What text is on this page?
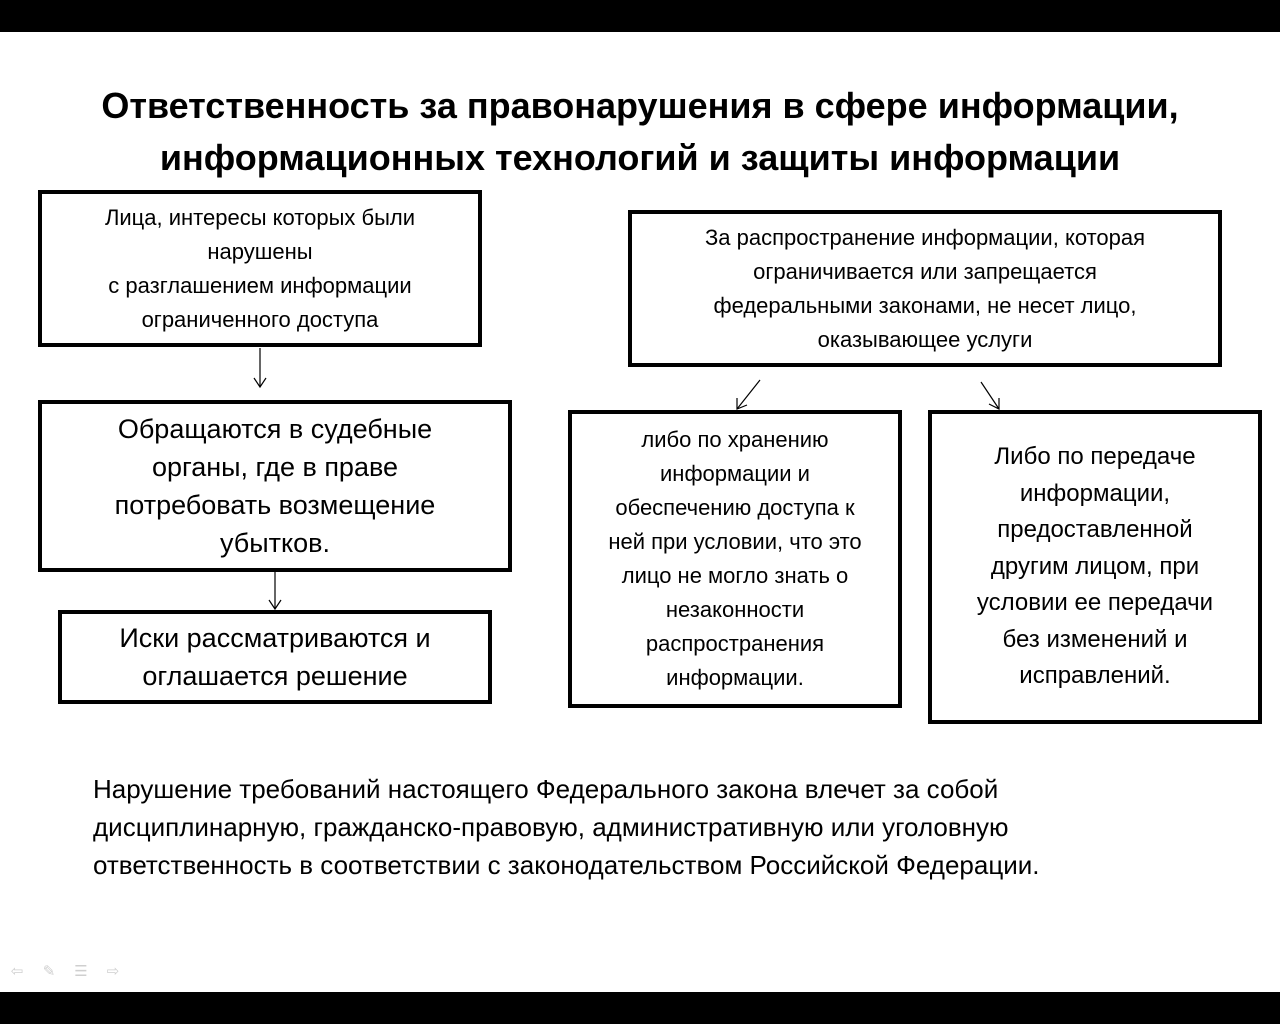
Ответственность за правонарушения в сфере информации,
информационных технологий и защиты информации
Лица, интересы которых были
нарушены
с разглашением информации
ограниченного доступа
Обращаются в судебные
органы, где в праве
потребовать возмещение
убытков.
Иски рассматриваются и
оглашается решение
За распространение информации, которая
ограничивается или запрещается
федеральными законами, не несет лицо,
оказывающее услуги
либо по хранению
информации и
обеспечению доступа к
ней при условии, что это
лицо не могло знать о
незаконности
распространения
информации.
Либо по передаче
информации,
предоставленной
другим лицом, при
условии ее передачи
без изменений и
исправлений.
Нарушение требований настоящего Федерального закона влечет за собой
дисциплинарную, гражданско-правовую, административную или уголовную
ответственность в соответствии с законодательством Российской Федерации.
⇦ ✎ ☰ ⇨
